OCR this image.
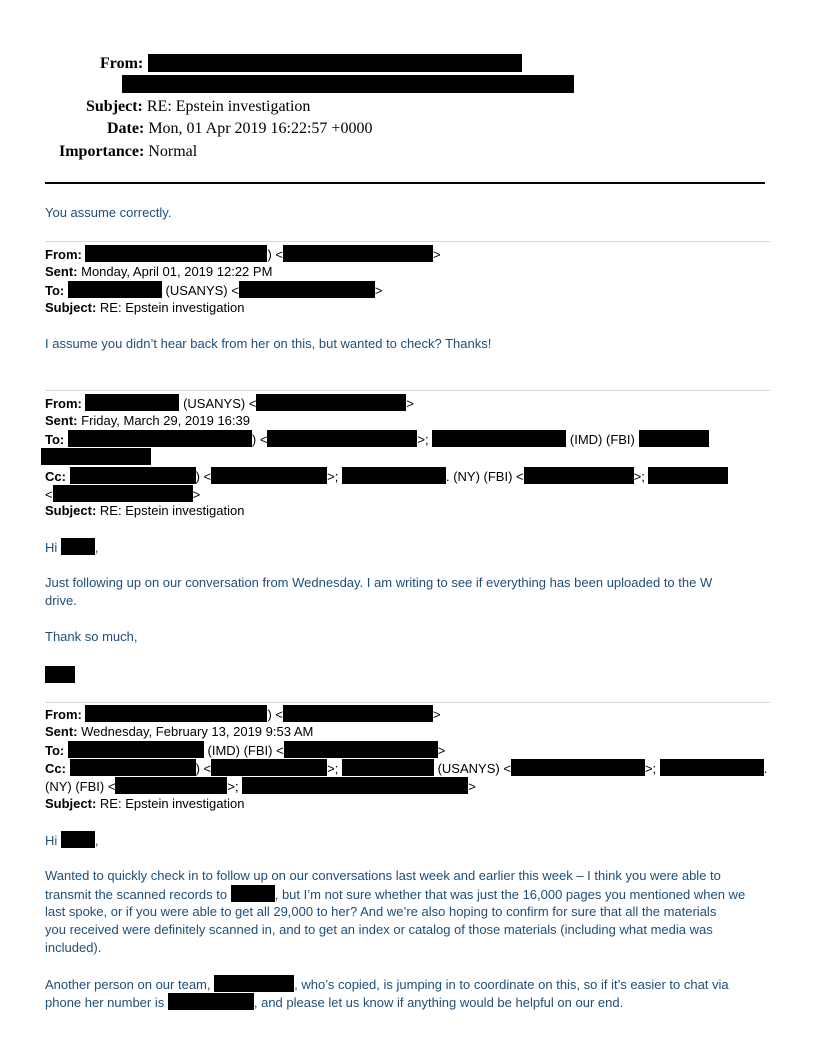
From:
Subject: RE: Epstein investigation
Date: Mon, 01 Apr 2019 16:22:57 +0000
Importance: Normal
You assume correctly.
From:	) <	>
Sent: Monday, April 01, 2019 12:22 PM
To:	(USANYS) <	>
Subject: RE: Epstein investigation
I assume you didn’t hear back from her on this, but wanted to check? Thanks!
From:	(USANYS) <	>
Sent: Friday, March 29, 2019 16:39
To:	) <	>;	(IMD) (FBI)
Cc:	) <	>;	. (NY) (FBI) <	>;
<	>
Subject: RE: Epstein investigation
Hi	,
Just following up on our conversation from Wednesday. I am writing to see if everything has been uploaded to the W
drive.
Thank so much,
From:	) <	>
Sent: Wednesday, February 13, 2019 9:53 AM
To:	(IMD) (FBI) <	>
Cc:	) <	>;	(USANYS) <	>;	.
(NY) (FBI) <	>;	>
Subject: RE: Epstein investigation
Hi	,
Wanted to quickly check in to follow up on our conversations last week and earlier this week – I think you were able to
transmit the scanned records to	, but I’m not sure whether that was just the 16,000 pages you mentioned when we
last spoke, or if you were able to get all 29,000 to her? And we’re also hoping to confirm for sure that all the materials
you received were definitely scanned in, and to get an index or catalog of those materials (including what media was
included).
Another person on our team,	, who’s copied, is jumping in to coordinate on this, so if it’s easier to chat via
phone her number is	, and please let us know if anything would be helpful on our end.
